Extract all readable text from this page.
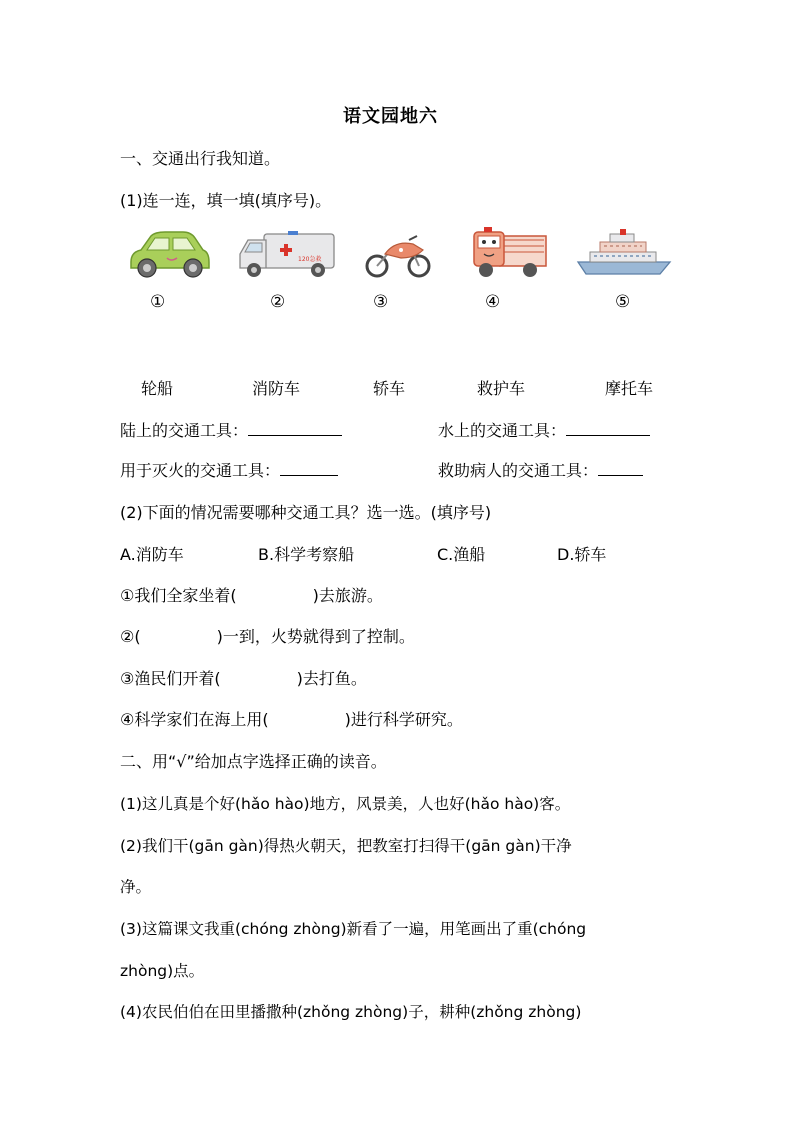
语文园地六
一、交通出行我知道。
(1)连一连，填一填(填序号)。
120急救
①	②	③	④	⑤
轮船	消防车	轿车	救护车	摩托车
陆上的交通工具：	水上的交通工具：
用于灭火的交通工具：	救助病人的交通工具：
(2)下面的情况需要哪种交通工具？选一选。(填序号)
A.消防车	B.科学考察船	C.渔船	D.轿车
①我们全家坐着(	)去旅游。
②(	)一到，火势就得到了控制。
③渔民们开着(	)去打鱼。
④科学家们在海上用(	)进行科学研究。
二、用“√”给加点字选择正确的读音。
(1)这儿真是个好(hǎo hào)地方，风景美，人也好(hǎo hào)客。
(2)我们干(gān gàn)得热火朝天，把教室打扫得干(gān gàn)干净
净。
(3)这篇课文我重(chóng zhòng)新看了一遍，用笔画出了重(chóng
zhòng)点。
(4)农民伯伯在田里播撒种(zhǒng zhòng)子，耕种(zhǒng zhòng)
